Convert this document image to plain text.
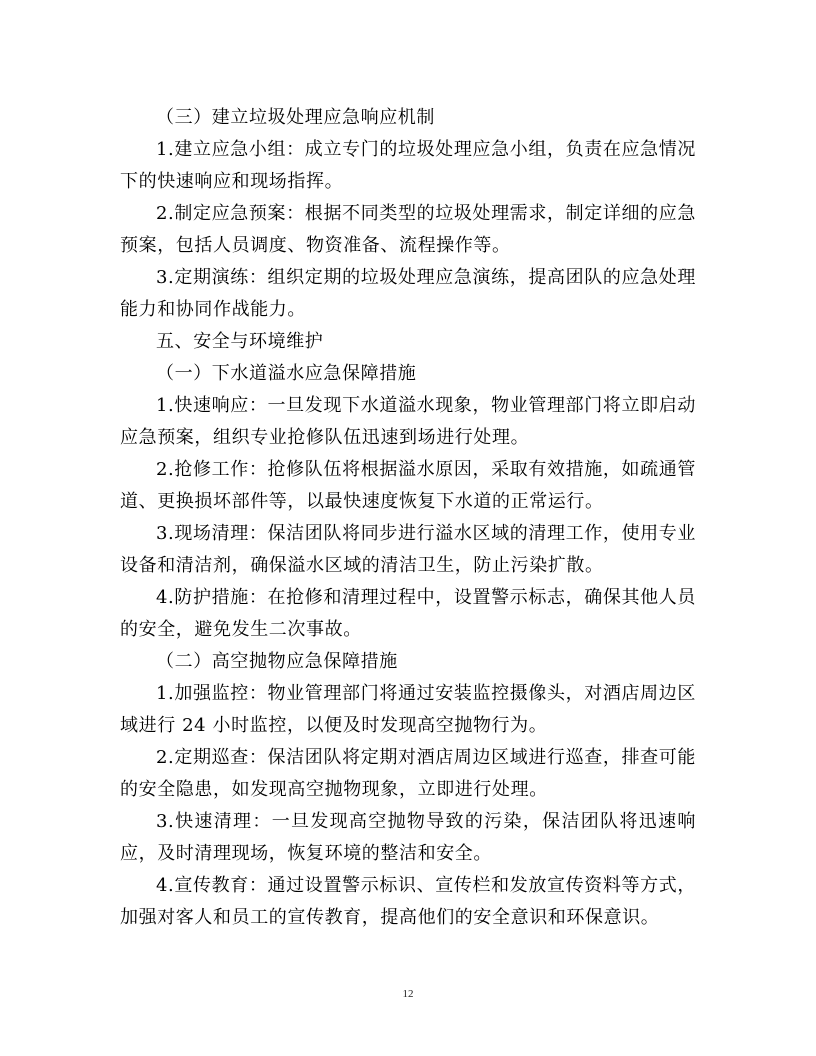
（三）建立垃圾处理应急响应机制

1.建立应急小组：成立专门的垃圾处理应急小组，负责在应急情况下的快速响应和现场指挥。

2.制定应急预案：根据不同类型的垃圾处理需求，制定详细的应急预案，包括人员调度、物资准备、流程操作等。

3.定期演练：组织定期的垃圾处理应急演练，提高团队的应急处理能力和协同作战能力。

五、安全与环境维护

（一）下水道溢水应急保障措施

1.快速响应：一旦发现下水道溢水现象，物业管理部门将立即启动应急预案，组织专业抢修队伍迅速到场进行处理。

2.抢修工作：抢修队伍将根据溢水原因，采取有效措施，如疏通管道、更换损坏部件等，以最快速度恢复下水道的正常运行。

3.现场清理：保洁团队将同步进行溢水区域的清理工作，使用专业设备和清洁剂，确保溢水区域的清洁卫生，防止污染扩散。

4.防护措施：在抢修和清理过程中，设置警示标志，确保其他人员的安全，避免发生二次事故。

（二）高空抛物应急保障措施

1.加强监控：物业管理部门将通过安装监控摄像头，对酒店周边区域进行 24 小时监控，以便及时发现高空抛物行为。

2.定期巡查：保洁团队将定期对酒店周边区域进行巡查，排查可能的安全隐患，如发现高空抛物现象，立即进行处理。

3.快速清理：一旦发现高空抛物导致的污染，保洁团队将迅速响应，及时清理现场，恢复环境的整洁和安全。

4.宣传教育：通过设置警示标识、宣传栏和发放宣传资料等方式，加强对客人和员工的宣传教育，提高他们的安全意识和环保意识。

12
